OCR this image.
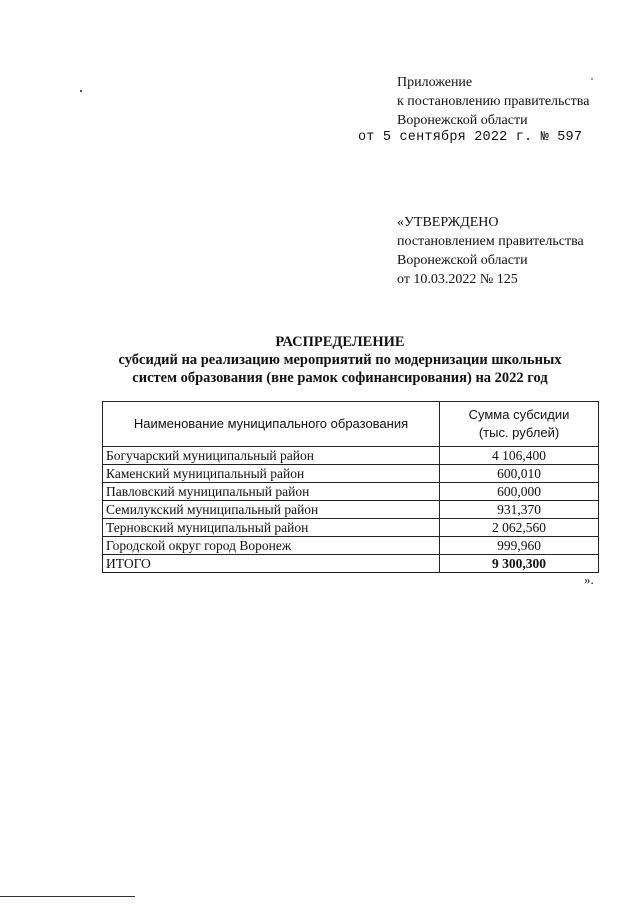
Приложение
к постановлению правительства
Воронежской области
от 5 сентября 2022 г. № 597
«УТВЕРЖДЕНО
постановлением правительства
Воронежской области
от 10.03.2022 № 125
РАСПРЕДЕЛЕНИЕ
субсидий на реализацию мероприятий по модернизации школьных
систем образования (вне рамок софинансирования) на 2022 год
Наименование муниципального образования	Сумма субсидии
(тыс. рублей)

Богучарский муниципальный район	4 106,400
Каменский муниципальный район	600,010
Павловский муниципальный район	600,000
Семилукский муниципальный район	931,370
Терновский муниципальный район	2 062,560
Городской округ город Воронеж	999,960
ИТОГО	9 300,300
».
